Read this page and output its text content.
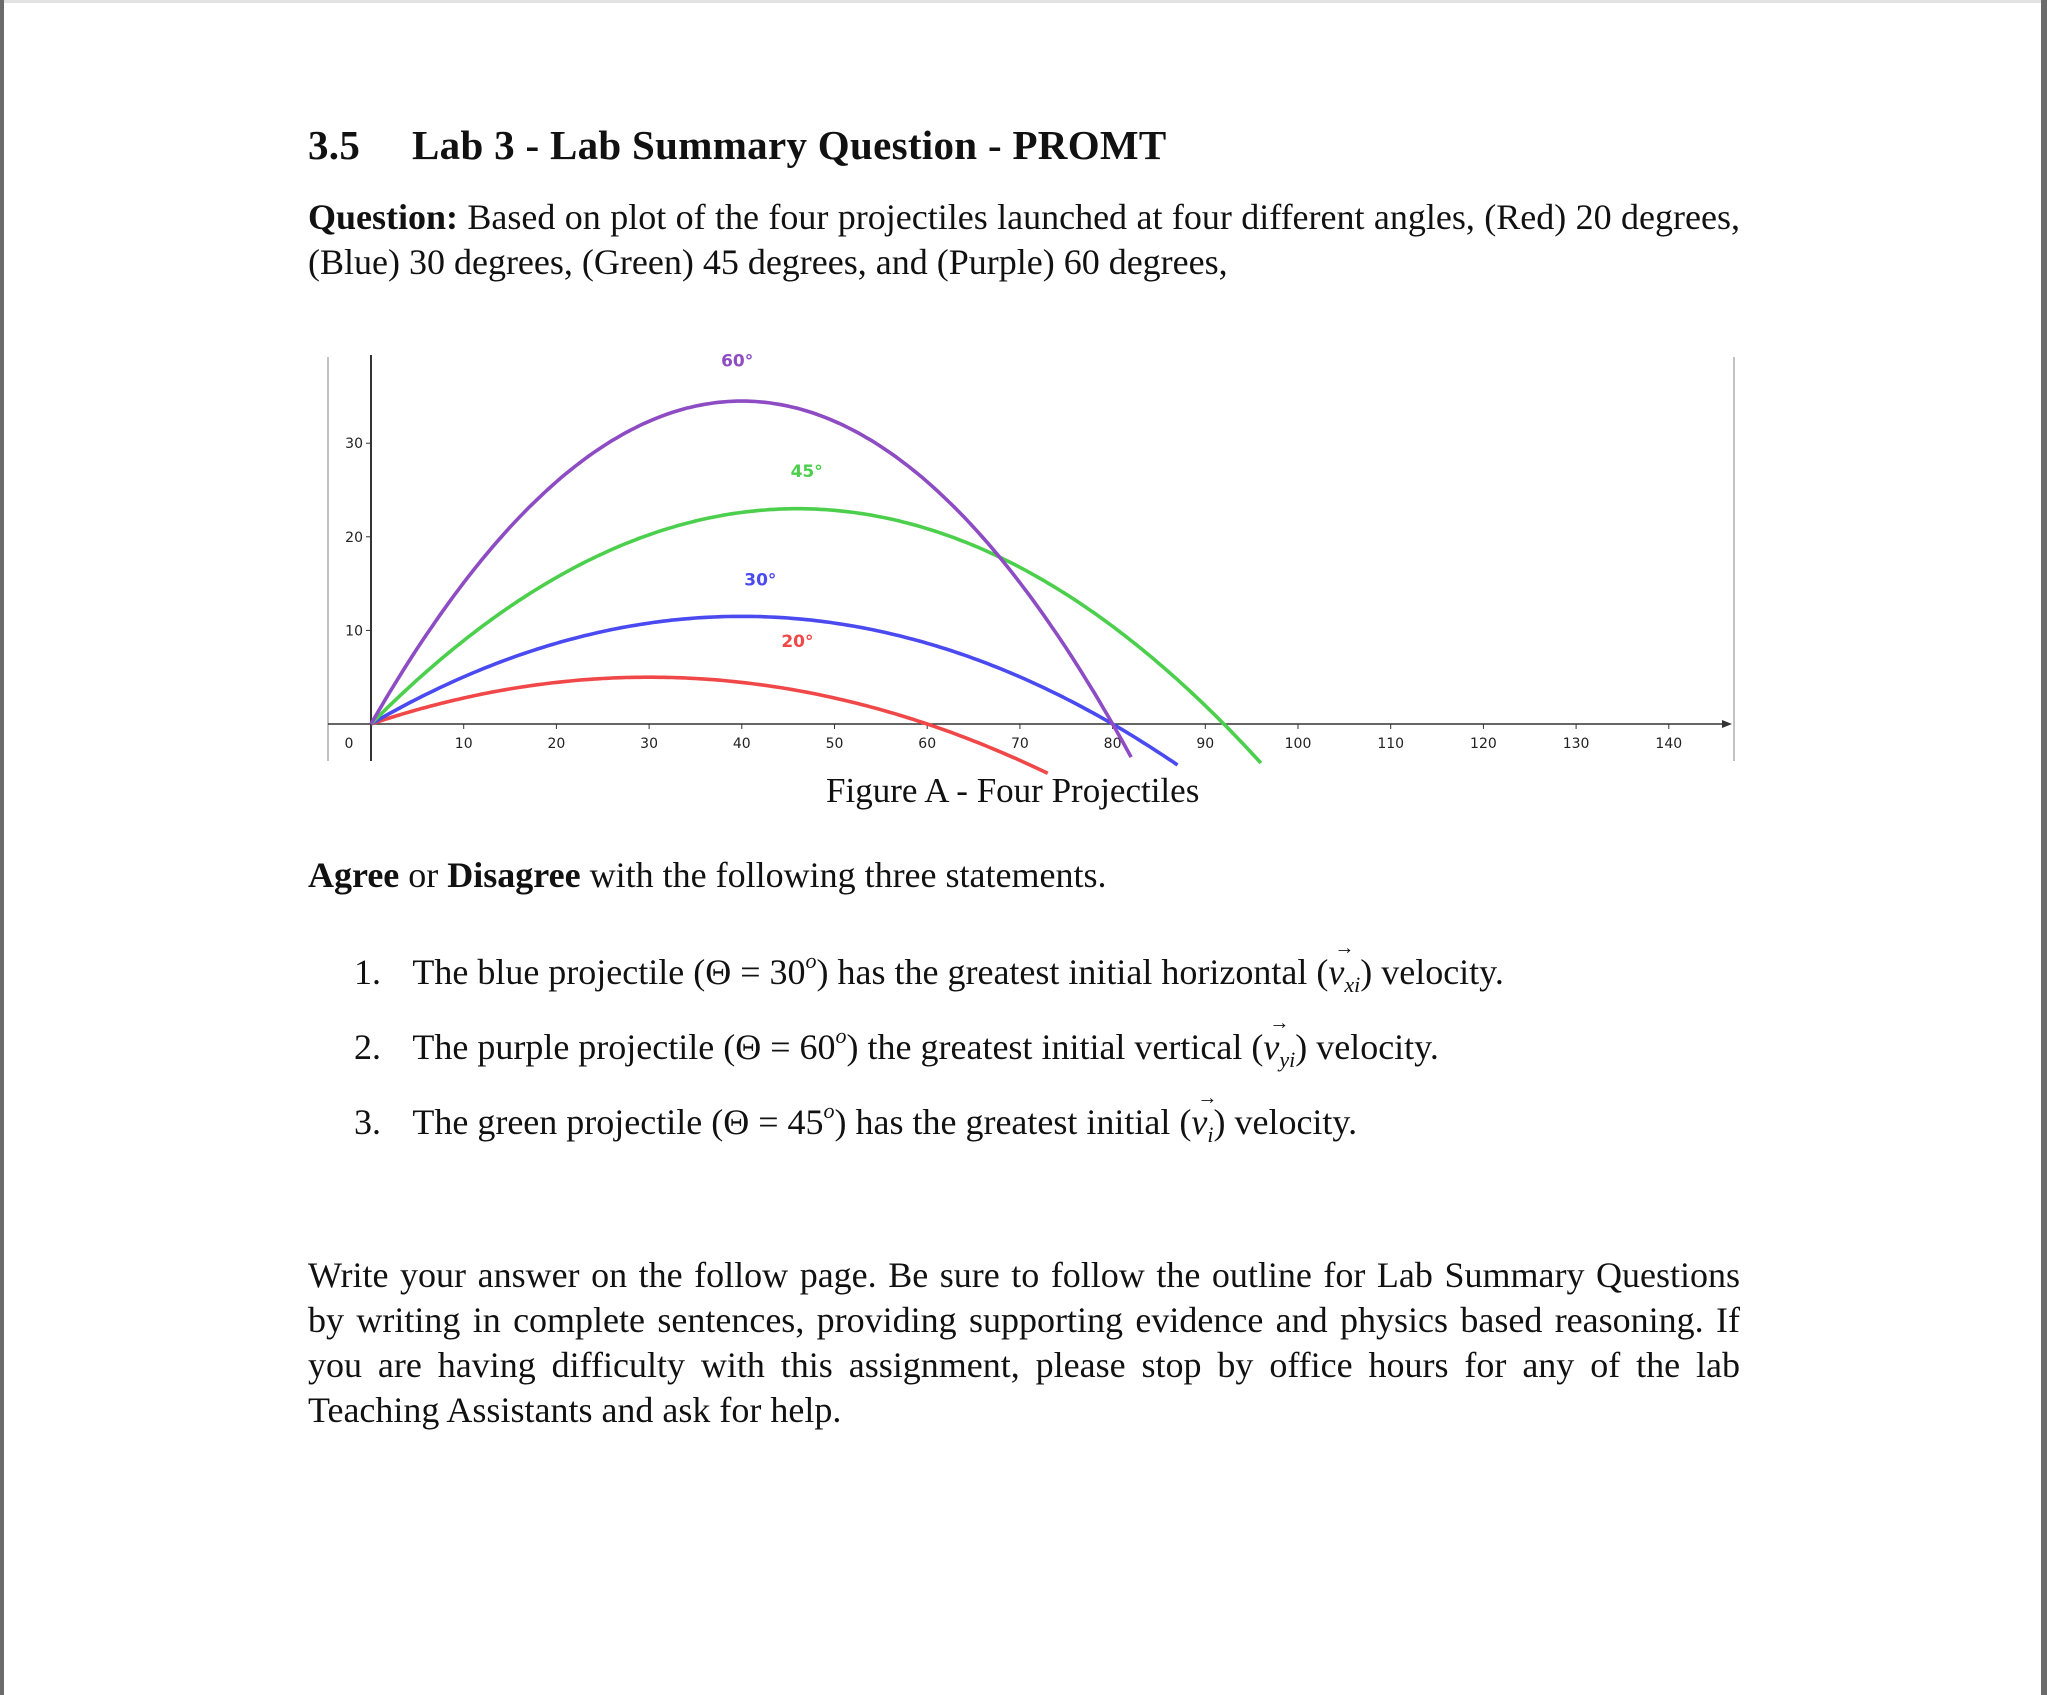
3.5 Lab 3 - Lab Summary Question - PROMT
Question: Based on plot of the four projectiles launched at four different angles, (Red) 20 degrees, (Blue) 30 degrees, (Green) 45 degrees, and (Purple) 60 degrees,
0	10	20	30	40	50	60	70	80	90	100	110	120	130	140
10
20
30
20°
30°
45°
60°
Figure A - Four Projectiles
Agree or Disagree with the following three statements.
1. The blue projectile $(\Theta = 30^o)$ has the greatest initial horizontal (→ $v_{xi}$) velocity.
2. The purple projectile $(\Theta = 60^o)$ the greatest initial vertical (→ $v_{yi}$) velocity.
3. The green projectile $(\Theta = 45^o)$ has the greatest initial (→ $v_i$) velocity.
Write your answer on the follow page. Be sure to follow the outline for Lab Summary Questions by writing in complete sentences, providing supporting evidence and physics based reasoning. If you are having difficulty with this assignment, please stop by office hours for any of the lab Teaching Assistants and ask for help.
